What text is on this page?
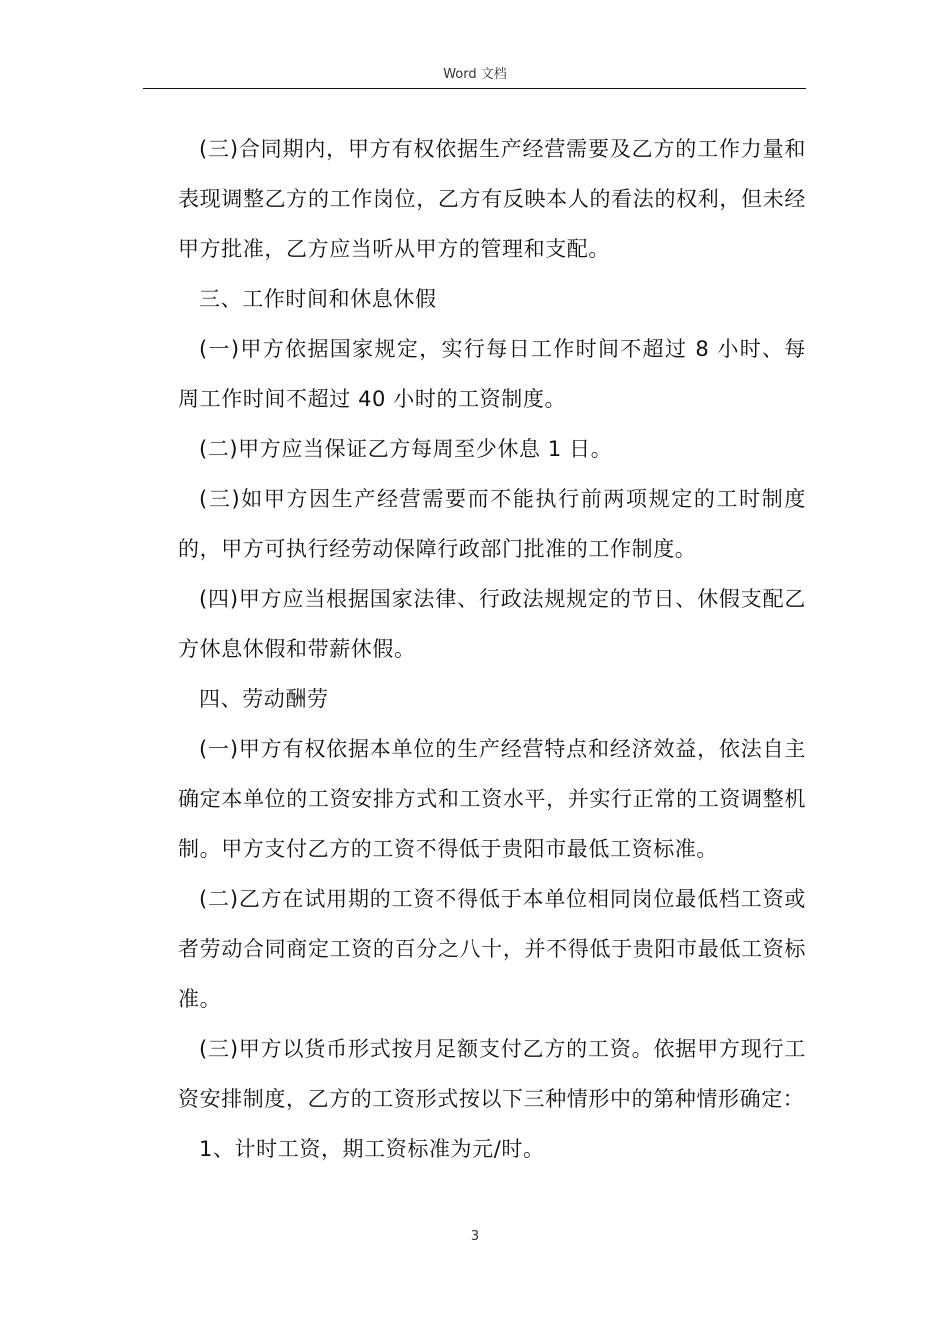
Word 文档

(三)合同期内，甲方有权依据生产经营需要及乙方的工作力量和表现调整乙方的工作岗位，乙方有反映本人的看法的权利，但未经甲方批准，乙方应当听从甲方的管理和支配。

三、工作时间和休息休假

(一)甲方依据国家规定，实行每日工作时间不超过 8 小时、每周工作时间不超过 40 小时的工资制度。

(二)甲方应当保证乙方每周至少休息 1 日。

(三)如甲方因生产经营需要而不能执行前两项规定的工时制度的，甲方可执行经劳动保障行政部门批准的工作制度。

(四)甲方应当根据国家法律、行政法规规定的节日、休假支配乙方休息休假和带薪休假。

四、劳动酬劳

(一)甲方有权依据本单位的生产经营特点和经济效益，依法自主确定本单位的工资安排方式和工资水平，并实行正常的工资调整机制。甲方支付乙方的工资不得低于贵阳市最低工资标准。

(二)乙方在试用期的工资不得低于本单位相同岗位最低档工资或者劳动合同商定工资的百分之八十，并不得低于贵阳市最低工资标准。

(三)甲方以货币形式按月足额支付乙方的工资。依据甲方现行工资安排制度，乙方的工资形式按以下三种情形中的第种情形确定：

1、计时工资，期工资标准为元/时。

3
